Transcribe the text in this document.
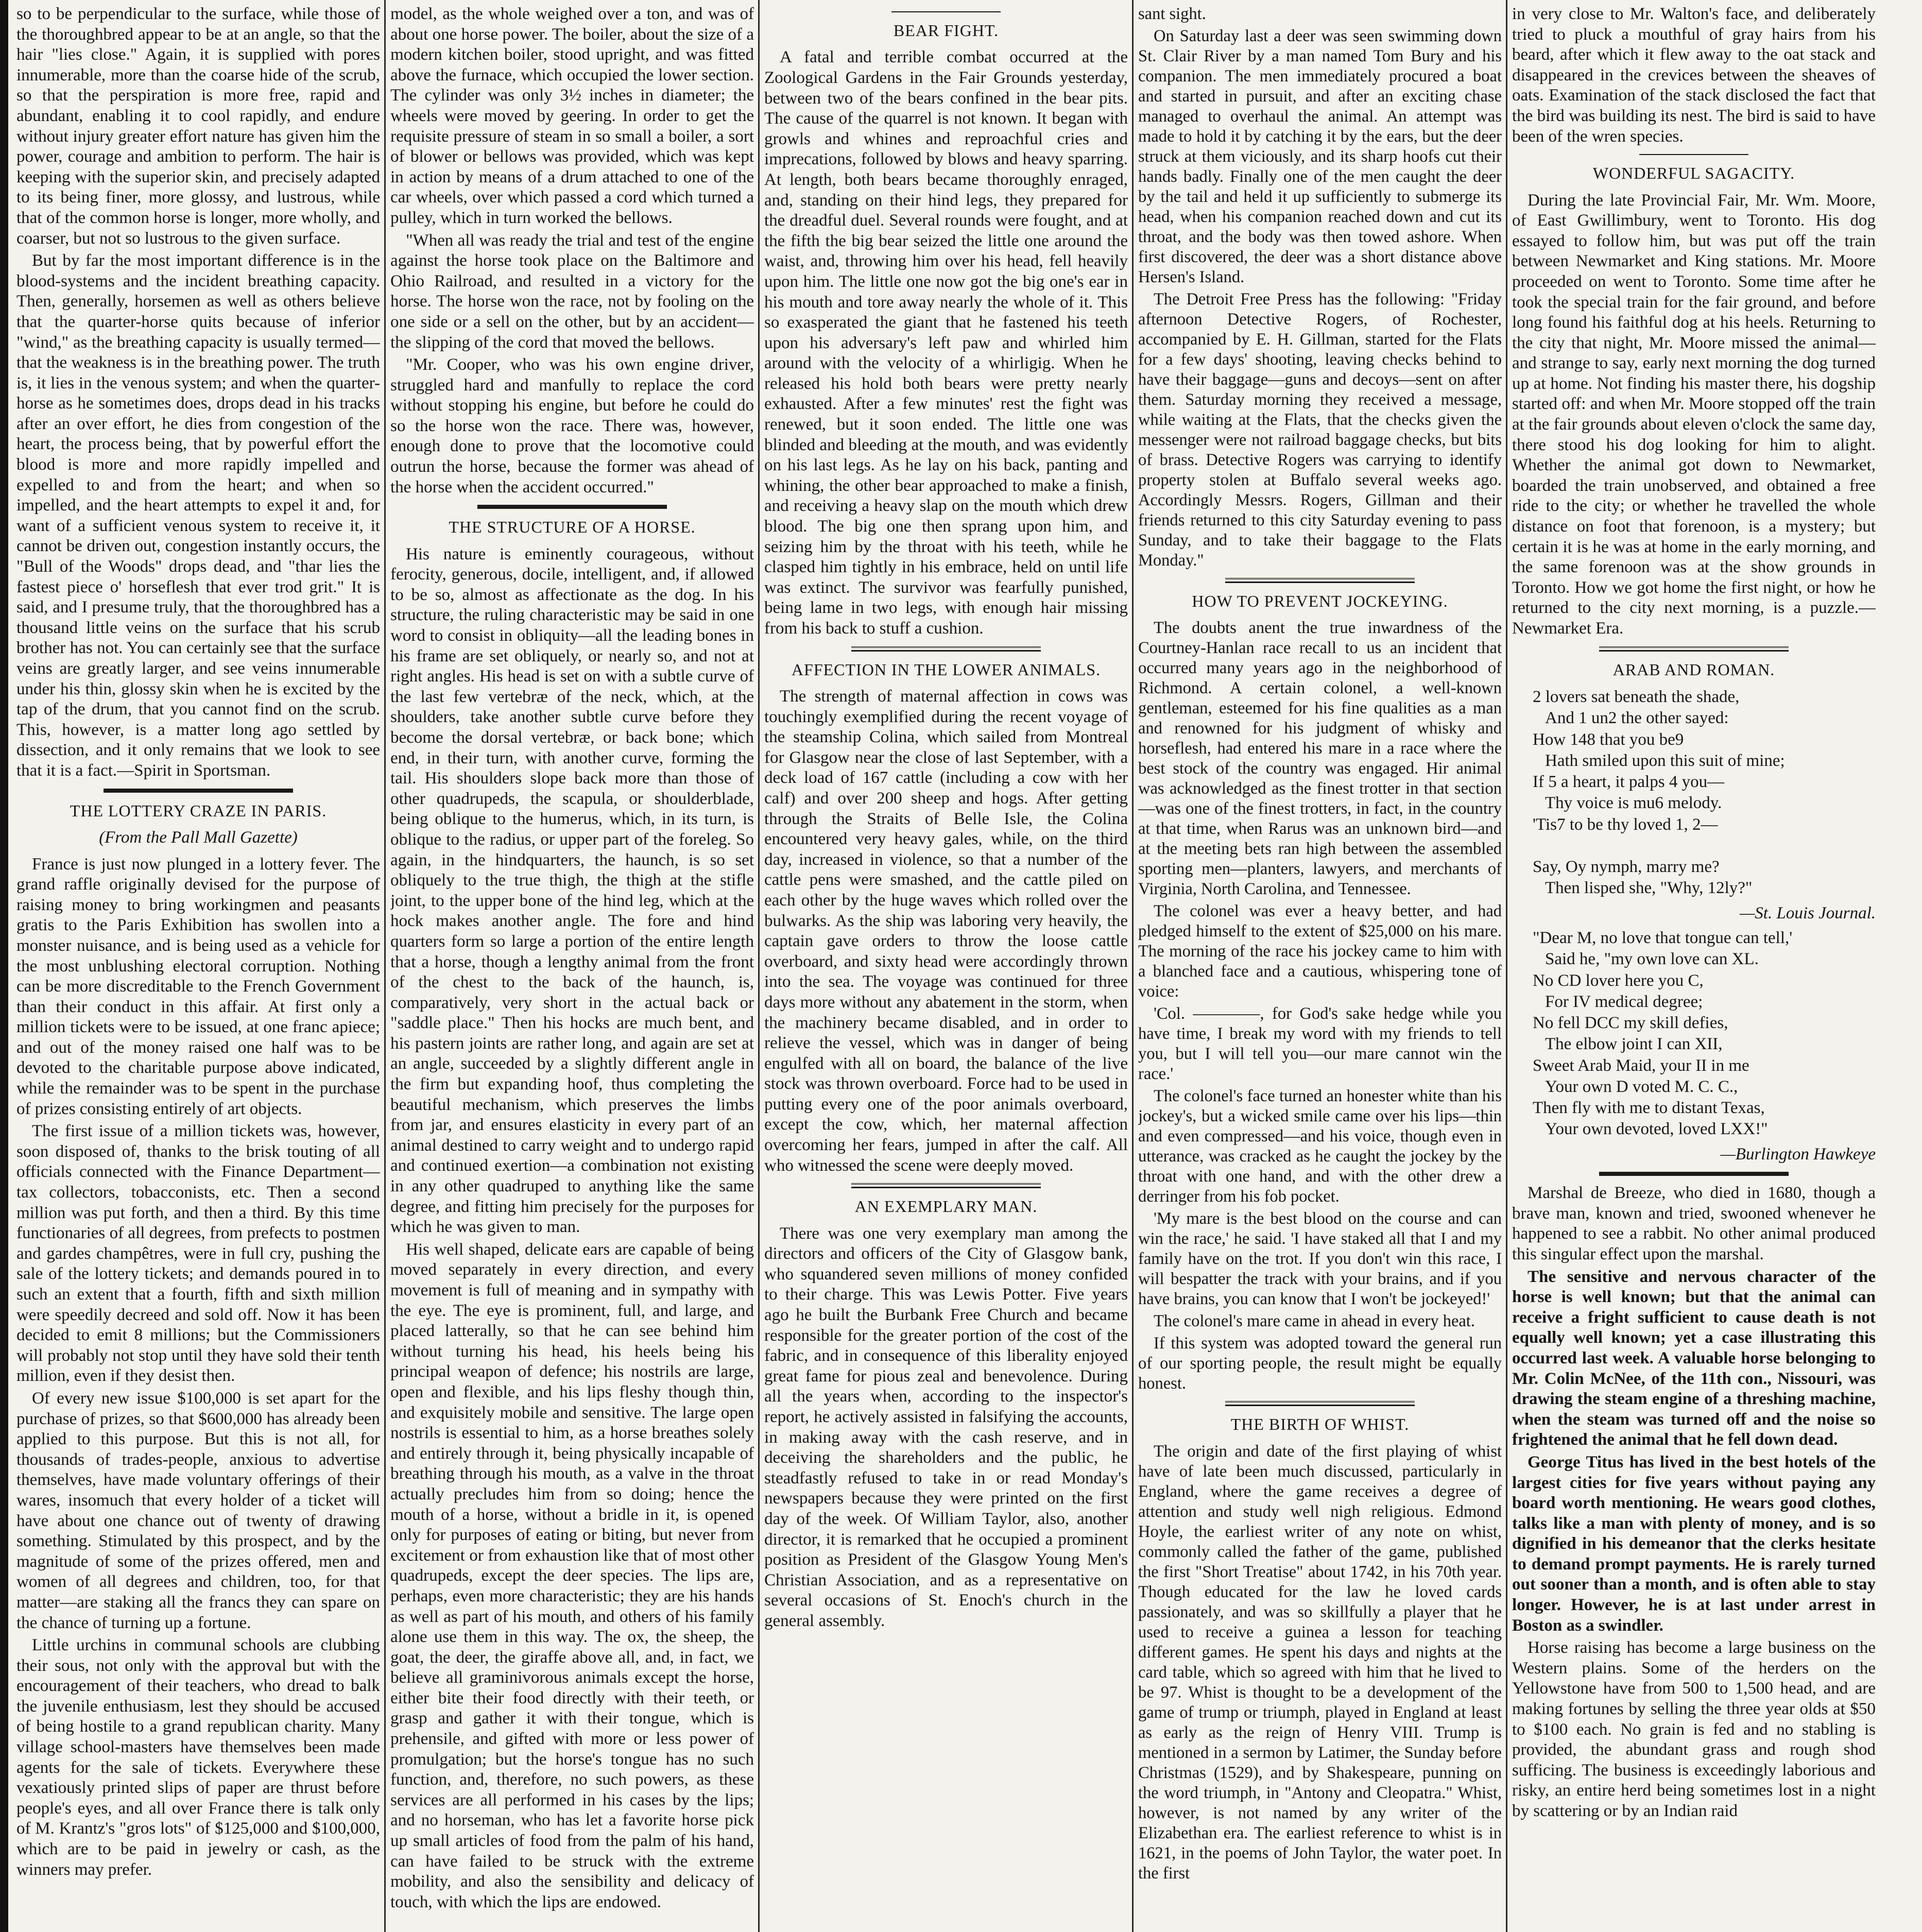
so to be perpendicular to the surface, while those of the thoroughbred appear to be at an angle, so that the hair "lies close." Again, it is supplied with pores innumerable, more than the coarse hide of the scrub, so that the perspiration is more free, rapid and abundant, enabling it to cool rapidly, and endure without injury greater effort nature has given him the power, courage and ambition to perform. The hair is keeping with the superior skin, and precisely adapted to its being finer, more glossy, and lustrous, while that of the common horse is longer, more wholly, and coarser, but not so lustrous to the given surface.

But by far the most important difference is in the blood-systems and the incident breathing capacity. Then, generally, horsemen as well as others believe that the quarter-horse quits because of inferior "wind," as the breathing capacity is usually termed—that the weakness is in the breathing power. The truth is, it lies in the venous system; and when the quarter-horse as he sometimes does, drops dead in his tracks after an over effort, he dies from congestion of the heart, the process being, that by powerful effort the blood is more and more rapidly impelled and expelled to and from the heart; and when so impelled, and the heart attempts to expel it and, for want of a sufficient venous system to receive it, it cannot be driven out, congestion instantly occurs, the "Bull of the Woods" drops dead, and "thar lies the fastest piece o' horseflesh that ever trod grit." It is said, and I presume truly, that the thoroughbred has a thousand little veins on the surface that his scrub brother has not. You can certainly see that the surface veins are greatly larger, and see veins innumerable under his thin, glossy skin when he is excited by the tap of the drum, that you cannot find on the scrub. This, however, is a matter long ago settled by dissection, and it only remains that we look to see that it is a fact.—Spirit in Sportsman.

THE LOTTERY CRAZE IN PARIS.
(From the Pall Mall Gazette)

France is just now plunged in a lottery fever. The grand raffle originally devised for the purpose of raising money to bring workingmen and peasants gratis to the Paris Exhibition has swollen into a monster nuisance, and is being used as a vehicle for the most unblushing electoral corruption. Nothing can be more discreditable to the French Government than their conduct in this affair. At first only a million tickets were to be issued, at one franc apiece; and out of the money raised one half was to be devoted to the charitable purpose above indicated, while the remainder was to be spent in the purchase of prizes consisting entirely of art objects.

The first issue of a million tickets was, however, soon disposed of, thanks to the brisk touting of all officials connected with the Finance Department—tax collectors, tobacconists, etc. Then a second million was put forth, and then a third. By this time functionaries of all degrees, from prefects to postmen and gardes champêtres, were in full cry, pushing the sale of the lottery tickets; and demands poured in to such an extent that a fourth, fifth and sixth million were speedily decreed and sold off. Now it has been decided to emit 8 millions; but the Commissioners will probably not stop until they have sold their tenth million, even if they desist then.

Of every new issue $100,000 is set apart for the purchase of prizes, so that $600,000 has already been applied to this purpose. But this is not all, for thousands of trades-people, anxious to advertise themselves, have made voluntary offerings of their wares, insomuch that every holder of a ticket will have about one chance out of twenty of drawing something. Stimulated by this prospect, and by the magnitude of some of the prizes offered, men and women of all degrees and children, too, for that matter—are staking all the francs they can spare on the chance of turning up a fortune.

Little urchins in communal schools are clubbing their sous, not only with the approval but with the encouragement of their teachers, who dread to balk the juvenile enthusiasm, lest they should be accused of being hostile to a grand republican charity. Many village school-masters have themselves been made agents for the sale of tickets. Everywhere these vexatiously printed slips of paper are thrust before people's eyes, and all over France there is talk only of M. Krantz's "gros lots" of $125,000 and $100,000, which are to be paid in jewelry or cash, as the winners may prefer.

model, as the whole weighed over a ton, and was of about one horse power. The boiler, about the size of a modern kitchen boiler, stood upright, and was fitted above the furnace, which occupied the lower section. The cylinder was only 3½ inches in diameter; the wheels were moved by geering. In order to get the requisite pressure of steam in so small a boiler, a sort of blower or bellows was provided, which was kept in action by means of a drum attached to one of the car wheels, over which passed a cord which turned a pulley, which in turn worked the bellows.

"When all was ready the trial and test of the engine against the horse took place on the Baltimore and Ohio Railroad, and resulted in a victory for the horse. The horse won the race, not by fooling on the one side or a sell on the other, but by an accident—the slipping of the cord that moved the bellows.

"Mr. Cooper, who was his own engine driver, struggled hard and manfully to replace the cord without stopping his engine, but before he could do so the horse won the race. There was, however, enough done to prove that the locomotive could outrun the horse, because the former was ahead of the horse when the accident occurred."

THE STRUCTURE OF A HORSE.

His nature is eminently courageous, without ferocity, generous, docile, intelligent, and, if allowed to be so, almost as affectionate as the dog. In his structure, the ruling characteristic may be said in one word to consist in obliquity—all the leading bones in his frame are set obliquely, or nearly so, and not at right angles. His head is set on with a subtle curve of the last few vertebræ of the neck, which, at the shoulders, take another subtle curve before they become the dorsal vertebræ, or back bone; which end, in their turn, with another curve, forming the tail. His shoulders slope back more than those of other quadrupeds, the scapula, or shoulderblade, being oblique to the humerus, which, in its turn, is oblique to the radius, or upper part of the foreleg. So again, in the hindquarters, the haunch, is so set obliquely to the true thigh, the thigh at the stifle joint, to the upper bone of the hind leg, which at the hock makes another angle. The fore and hind quarters form so large a portion of the entire length that a horse, though a lengthy animal from the front of the chest to the back of the haunch, is, comparatively, very short in the actual back or "saddle place." Then his hocks are much bent, and his pastern joints are rather long, and again are set at an angle, succeeded by a slightly different angle in the firm but expanding hoof, thus completing the beautiful mechanism, which preserves the limbs from jar, and ensures elasticity in every part of an animal destined to carry weight and to undergo rapid and continued exertion—a combination not existing in any other quadruped to anything like the same degree, and fitting him precisely for the purposes for which he was given to man.

His well shaped, delicate ears are capable of being moved separately in every direction, and every movement is full of meaning and in sympathy with the eye. The eye is prominent, full, and large, and placed latterally, so that he can see behind him without turning his head, his heels being his principal weapon of defence; his nostrils are large, open and flexible, and his lips fleshy though thin, and exquisitely mobile and sensitive. The large open nostrils is essential to him, as a horse breathes solely and entirely through it, being physically incapable of breathing through his mouth, as a valve in the throat actually precludes him from so doing; hence the mouth of a horse, without a bridle in it, is opened only for purposes of eating or biting, but never from excitement or from exhaustion like that of most other quadrupeds, except the deer species. The lips are, perhaps, even more characteristic; they are his hands as well as part of his mouth, and others of his family alone use them in this way. The ox, the sheep, the goat, the deer, the giraffe above all, and, in fact, we believe all graminivorous animals except the horse, either bite their food directly with their teeth, or grasp and gather it with their tongue, which is prehensile, and gifted with more or less power of promulgation; but the horse's tongue has no such function, and, therefore, no such powers, as these services are all performed in his cases by the lips; and no horseman, who has let a favorite horse pick up small articles of food from the palm of his hand, can have failed to be struck with the extreme mobility, and also the sensibility and delicacy of touch, with which the lips are endowed.

BEAR FIGHT.

A fatal and terrible combat occurred at the Zoological Gardens in the Fair Grounds yesterday, between two of the bears confined in the bear pits. The cause of the quarrel is not known. It began with growls and whines and reproachful cries and imprecations, followed by blows and heavy sparring. At length, both bears became thoroughly enraged, and, standing on their hind legs, they prepared for the dreadful duel. Several rounds were fought, and at the fifth the big bear seized the little one around the waist, and, throwing him over his head, fell heavily upon him. The little one now got the big one's ear in his mouth and tore away nearly the whole of it. This so exasperated the giant that he fastened his teeth upon his adversary's left paw and whirled him around with the velocity of a whirligig. When he released his hold both bears were pretty nearly exhausted. After a few minutes' rest the fight was renewed, but it soon ended. The little one was blinded and bleeding at the mouth, and was evidently on his last legs. As he lay on his back, panting and whining, the other bear approached to make a finish, and receiving a heavy slap on the mouth which drew blood. The big one then sprang upon him, and seizing him by the throat with his teeth, while he clasped him tightly in his embrace, held on until life was extinct. The survivor was fearfully punished, being lame in two legs, with enough hair missing from his back to stuff a cushion.

AFFECTION IN THE LOWER ANIMALS.

The strength of maternal affection in cows was touchingly exemplified during the recent voyage of the steamship Colina, which sailed from Montreal for Glasgow near the close of last September, with a deck load of 167 cattle (including a cow with her calf) and over 200 sheep and hogs. After getting through the Straits of Belle Isle, the Colina encountered very heavy gales, while, on the third day, increased in violence, so that a number of the cattle pens were smashed, and the cattle piled on each other by the huge waves which rolled over the bulwarks. As the ship was laboring very heavily, the captain gave orders to throw the loose cattle overboard, and sixty head were accordingly thrown into the sea. The voyage was continued for three days more without any abatement in the storm, when the machinery became disabled, and in order to relieve the vessel, which was in danger of being engulfed with all on board, the balance of the live stock was thrown overboard. Force had to be used in putting every one of the poor animals overboard, except the cow, which, her maternal affection overcoming her fears, jumped in after the calf. All who witnessed the scene were deeply moved.

AN EXEMPLARY MAN.

There was one very exemplary man among the directors and officers of the City of Glasgow bank, who squandered seven millions of money confided to their charge. This was Lewis Potter. Five years ago he built the Burbank Free Church and became responsible for the greater portion of the cost of the fabric, and in consequence of this liberality enjoyed great fame for pious zeal and benevolence. During all the years when, according to the inspector's report, he actively assisted in falsifying the accounts, in making away with the cash reserve, and in deceiving the shareholders and the public, he steadfastly refused to take in or read Monday's newspapers because they were printed on the first day of the week. Of William Taylor, also, another director, it is remarked that he occupied a prominent position as President of the Glasgow Young Men's Christian Association, and as a representative on several occasions of St. Enoch's church in the general assembly.

sant sight.

On Saturday last a deer was seen swimming down St. Clair River by a man named Tom Bury and his companion. The men immediately procured a boat and started in pursuit, and after an exciting chase managed to overhaul the animal. An attempt was made to hold it by catching it by the ears, but the deer struck at them viciously, and its sharp hoofs cut their hands badly. Finally one of the men caught the deer by the tail and held it up sufficiently to submerge its head, when his companion reached down and cut its throat, and the body was then towed ashore. When first discovered, the deer was a short distance above Hersen's Island.

The Detroit Free Press has the following: "Friday afternoon Detective Rogers, of Rochester, accompanied by E. H. Gillman, started for the Flats for a few days' shooting, leaving checks behind to have their baggage—guns and decoys—sent on after them. Saturday morning they received a message, while waiting at the Flats, that the checks given the messenger were not railroad baggage checks, but bits of brass. Detective Rogers was carrying to identify property stolen at Buffalo several weeks ago. Accordingly Messrs. Rogers, Gillman and their friends returned to this city Saturday evening to pass Sunday, and to take their baggage to the Flats Monday."

HOW TO PREVENT JOCKEYING.

The doubts anent the true inwardness of the Courtney-Hanlan race recall to us an incident that occurred many years ago in the neighborhood of Richmond. A certain colonel, a well-known gentleman, esteemed for his fine qualities as a man and renowned for his judgment of whisky and horseflesh, had entered his mare in a race where the best stock of the country was engaged. Hir animal was acknowledged as the finest trotter in that section—was one of the finest trotters, in fact, in the country at that time, when Rarus was an unknown bird—and at the meeting bets ran high between the assembled sporting men—planters, lawyers, and merchants of Virginia, North Carolina, and Tennessee.

The colonel was ever a heavy better, and had pledged himself to the extent of $25,000 on his mare. The morning of the race his jockey came to him with a blanched face and a cautious, whispering tone of voice:

'Col. ————, for God's sake hedge while you have time, I break my word with my friends to tell you, but I will tell you—our mare cannot win the race.'

The colonel's face turned an honester white than his jockey's, but a wicked smile came over his lips—thin and even compressed—and his voice, though even in utterance, was cracked as he caught the jockey by the throat with one hand, and with the other drew a derringer from his fob pocket.

'My mare is the best blood on the course and can win the race,' he said. 'I have staked all that I and my family have on the trot. If you don't win this race, I will bespatter the track with your brains, and if you have brains, you can know that I won't be jockeyed!'

The colonel's mare came in ahead in every heat.

If this system was adopted toward the general run of our sporting people, the result might be equally honest.

THE BIRTH OF WHIST.

The origin and date of the first playing of whist have of late been much discussed, particularly in England, where the game receives a degree of attention and study well nigh religious. Edmond Hoyle, the earliest writer of any note on whist, commonly called the father of the game, published the first "Short Treatise" about 1742, in his 70th year. Though educated for the law he loved cards passionately, and was so skillfully a player that he used to receive a guinea a lesson for teaching different games. He spent his days and nights at the card table, which so agreed with him that he lived to be 97. Whist is thought to be a development of the game of trump or triumph, played in England at least as early as the reign of Henry VIII. Trump is mentioned in a sermon by Latimer, the Sunday before Christmas (1529), and by Shakespeare, punning on the word triumph, in "Antony and Cleopatra." Whist, however, is not named by any writer of the Elizabethan era. The earliest reference to whist is in 1621, in the poems of John Taylor, the water poet. In the first

in very close to Mr. Walton's face, and deliberately tried to pluck a mouthful of gray hairs from his beard, after which it flew away to the oat stack and disappeared in the crevices between the sheaves of oats. Examination of the stack disclosed the fact that the bird was building its nest. The bird is said to have been of the wren species.

WONDERFUL SAGACITY.

During the late Provincial Fair, Mr. Wm. Moore, of East Gwillimbury, went to Toronto. His dog essayed to follow him, but was put off the train between Newmarket and King stations. Mr. Moore proceeded on went to Toronto. Some time after he took the special train for the fair ground, and before long found his faithful dog at his heels. Returning to the city that night, Mr. Moore missed the animal—and strange to say, early next morning the dog turned up at home. Not finding his master there, his dogship started off: and when Mr. Moore stopped off the train at the fair grounds about eleven o'clock the same day, there stood his dog looking for him to alight. Whether the animal got down to Newmarket, boarded the train unobserved, and obtained a free ride to the city; or whether he travelled the whole distance on foot that forenoon, is a mystery; but certain it is he was at home in the early morning, and the same forenoon was at the show grounds in Toronto. How we got home the first night, or how he returned to the city next morning, is a puzzle.—Newmarket Era.

ARAB AND ROMAN.
2 lovers sat beneath the shade,
And 1 un2 the other sayed:
How 148 that you be9
Hath smiled upon this suit of mine;
If 5 a heart, it palps 4 you—
Thy voice is mu6 melody.
'Tis7 to be thy loved 1, 2—

Say, Oy nymph, marry me?
Then lisped she, "Why, 12ly?"
—St. Louis Journal.
"Dear M, no love that tongue can tell,'
Said he, "my own love can XL.
No CD lover here you C,
For IV medical degree;
No fell DCC my skill defies,
The elbow joint I can XII,
Sweet Arab Maid, your II in me
Your own D voted M. C. C.,
Then fly with me to distant Texas,
Your own devoted, loved LXX!"
—Burlington Hawkeye

Marshal de Breeze, who died in 1680, though a brave man, known and tried, swooned whenever he happened to see a rabbit. No other animal produced this singular effect upon the marshal.

The sensitive and nervous character of the horse is well known; but that the animal can receive a fright sufficient to cause death is not equally well known; yet a case illustrating this occurred last week. A valuable horse belonging to Mr. Colin McNee, of the 11th con., Nissouri, was drawing the steam engine of a threshing machine, when the steam was turned off and the noise so frightened the animal that he fell down dead.

George Titus has lived in the best hotels of the largest cities for five years without paying any board worth mentioning. He wears good clothes, talks like a man with plenty of money, and is so dignified in his demeanor that the clerks hesitate to demand prompt payments. He is rarely turned out sooner than a month, and is often able to stay longer. However, he is at last under arrest in Boston as a swindler.

Horse raising has become a large business on the Western plains. Some of the herders on the Yellowstone have from 500 to 1,500 head, and are making fortunes by selling the three year olds at $50 to $100 each. No grain is fed and no stabling is provided, the abundant grass and rough shod sufficing. The business is exceedingly laborious and risky, an entire herd being sometimes lost in a night by scattering or by an Indian raid
